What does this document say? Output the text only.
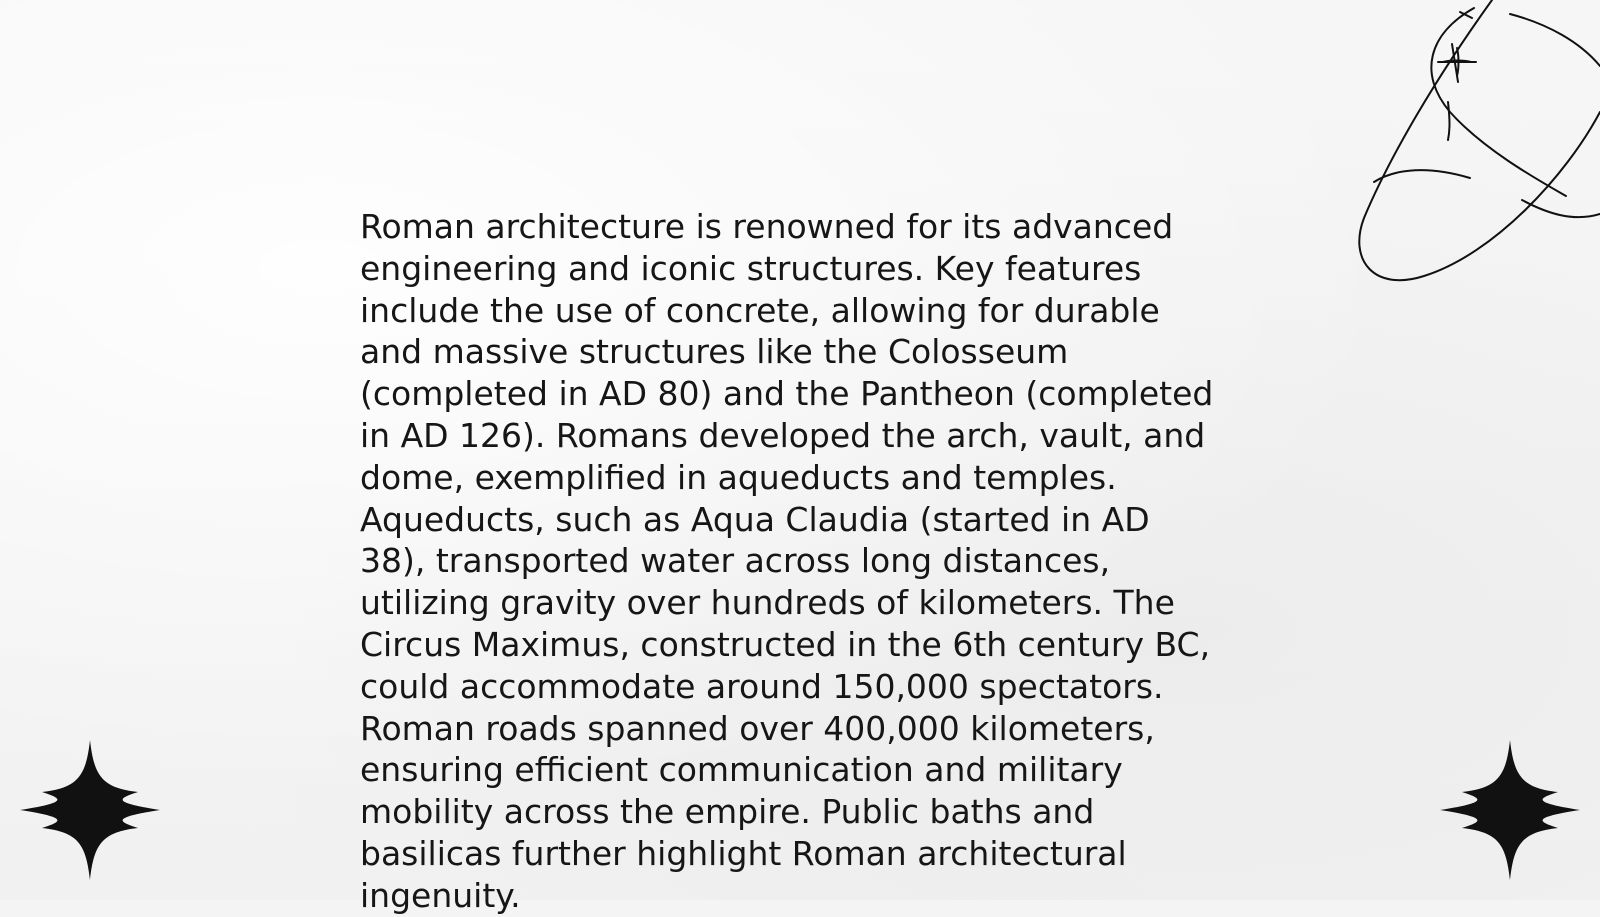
Roman architecture is renowned for its advanced engineering and iconic structures. Key features include the use of concrete, allowing for durable and massive structures like the Colosseum (completed in AD 80) and the Pantheon (completed in AD 126). Romans developed the arch, vault, and dome, exemplified in aqueducts and temples. Aqueducts, such as Aqua Claudia (started in AD 38), transported water across long distances, utilizing gravity over hundreds of kilometers. The Circus Maximus, constructed in the 6th century BC, could accommodate around 150,000 spectators. Roman roads spanned over 400,000 kilometers, ensuring efficient communication and military mobility across the empire. Public baths and basilicas further highlight Roman architectural ingenuity.
